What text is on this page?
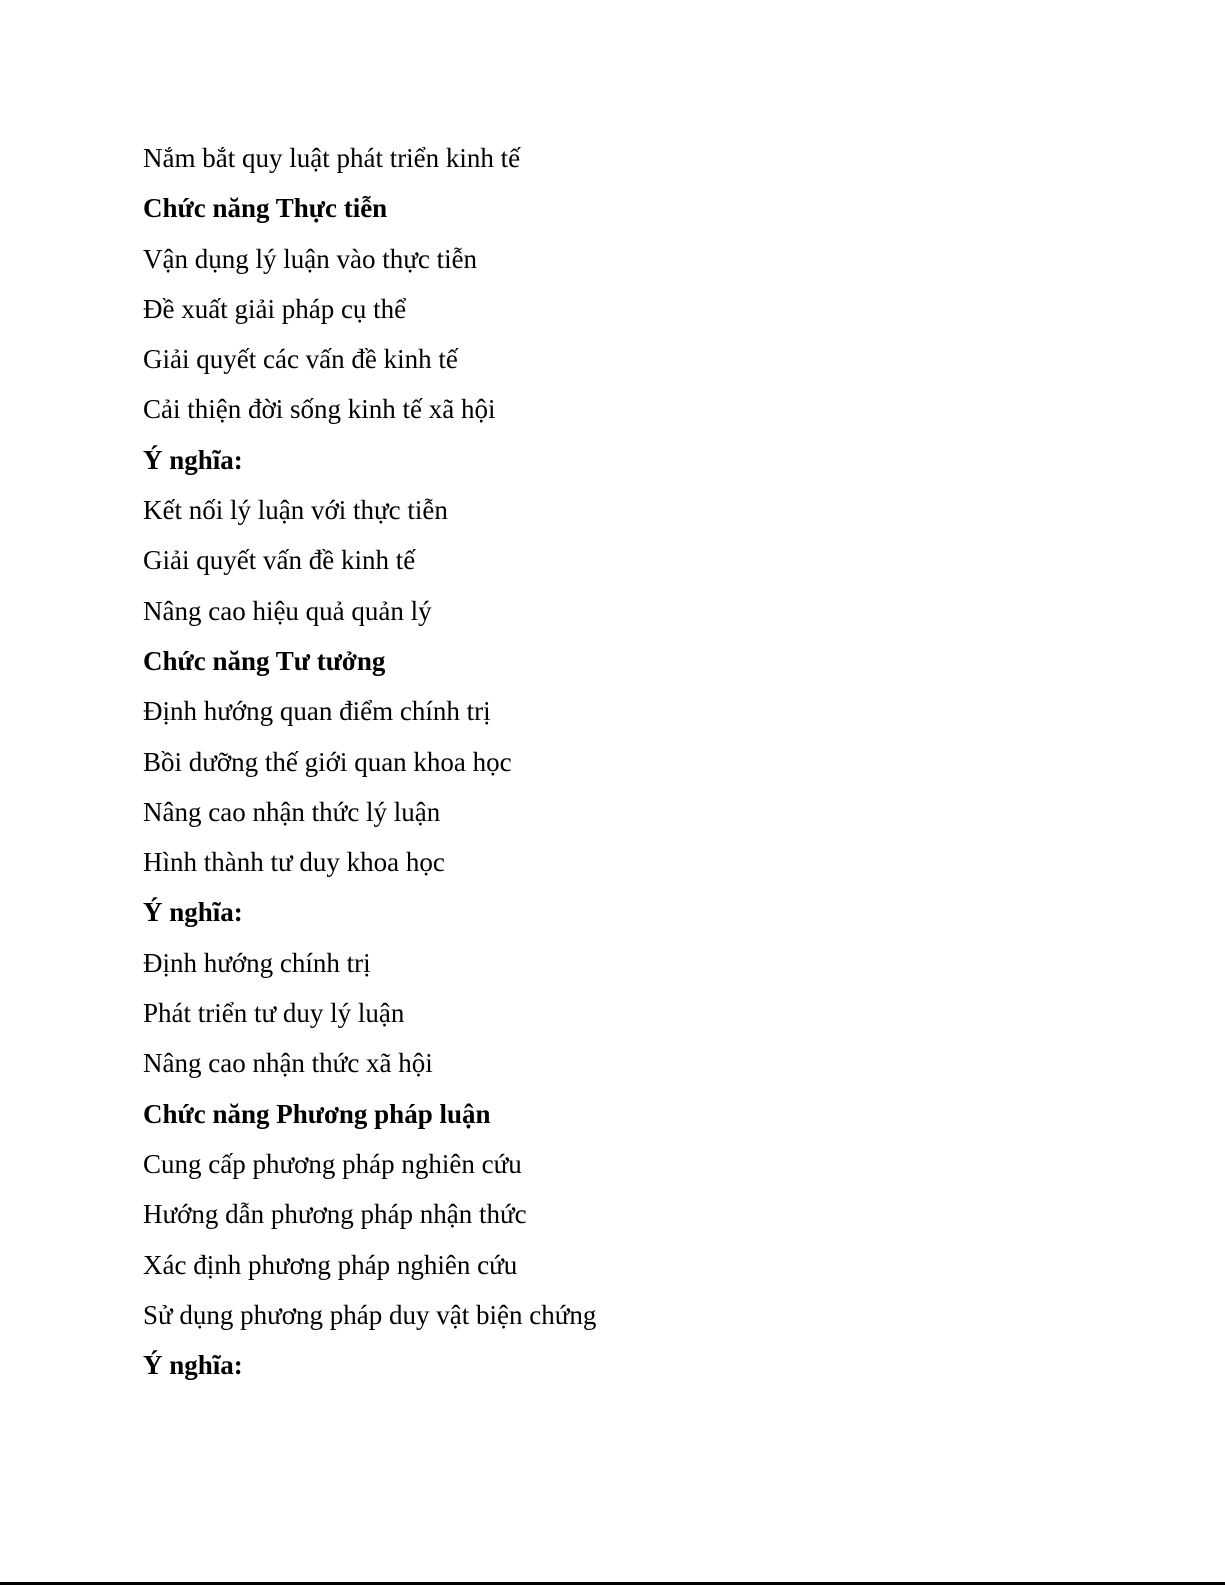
Nắm bắt quy luật phát triển kinh tế
Chức năng Thực tiễn
Vận dụng lý luận vào thực tiễn
Đề xuất giải pháp cụ thể
Giải quyết các vấn đề kinh tế
Cải thiện đời sống kinh tế xã hội
Ý nghĩa:
Kết nối lý luận với thực tiễn
Giải quyết vấn đề kinh tế
Nâng cao hiệu quả quản lý
Chức năng Tư tưởng
Định hướng quan điểm chính trị
Bồi dưỡng thế giới quan khoa học
Nâng cao nhận thức lý luận
Hình thành tư duy khoa học
Ý nghĩa:
Định hướng chính trị
Phát triển tư duy lý luận
Nâng cao nhận thức xã hội
Chức năng Phương pháp luận
Cung cấp phương pháp nghiên cứu
Hướng dẫn phương pháp nhận thức
Xác định phương pháp nghiên cứu
Sử dụng phương pháp duy vật biện chứng
Ý nghĩa:
